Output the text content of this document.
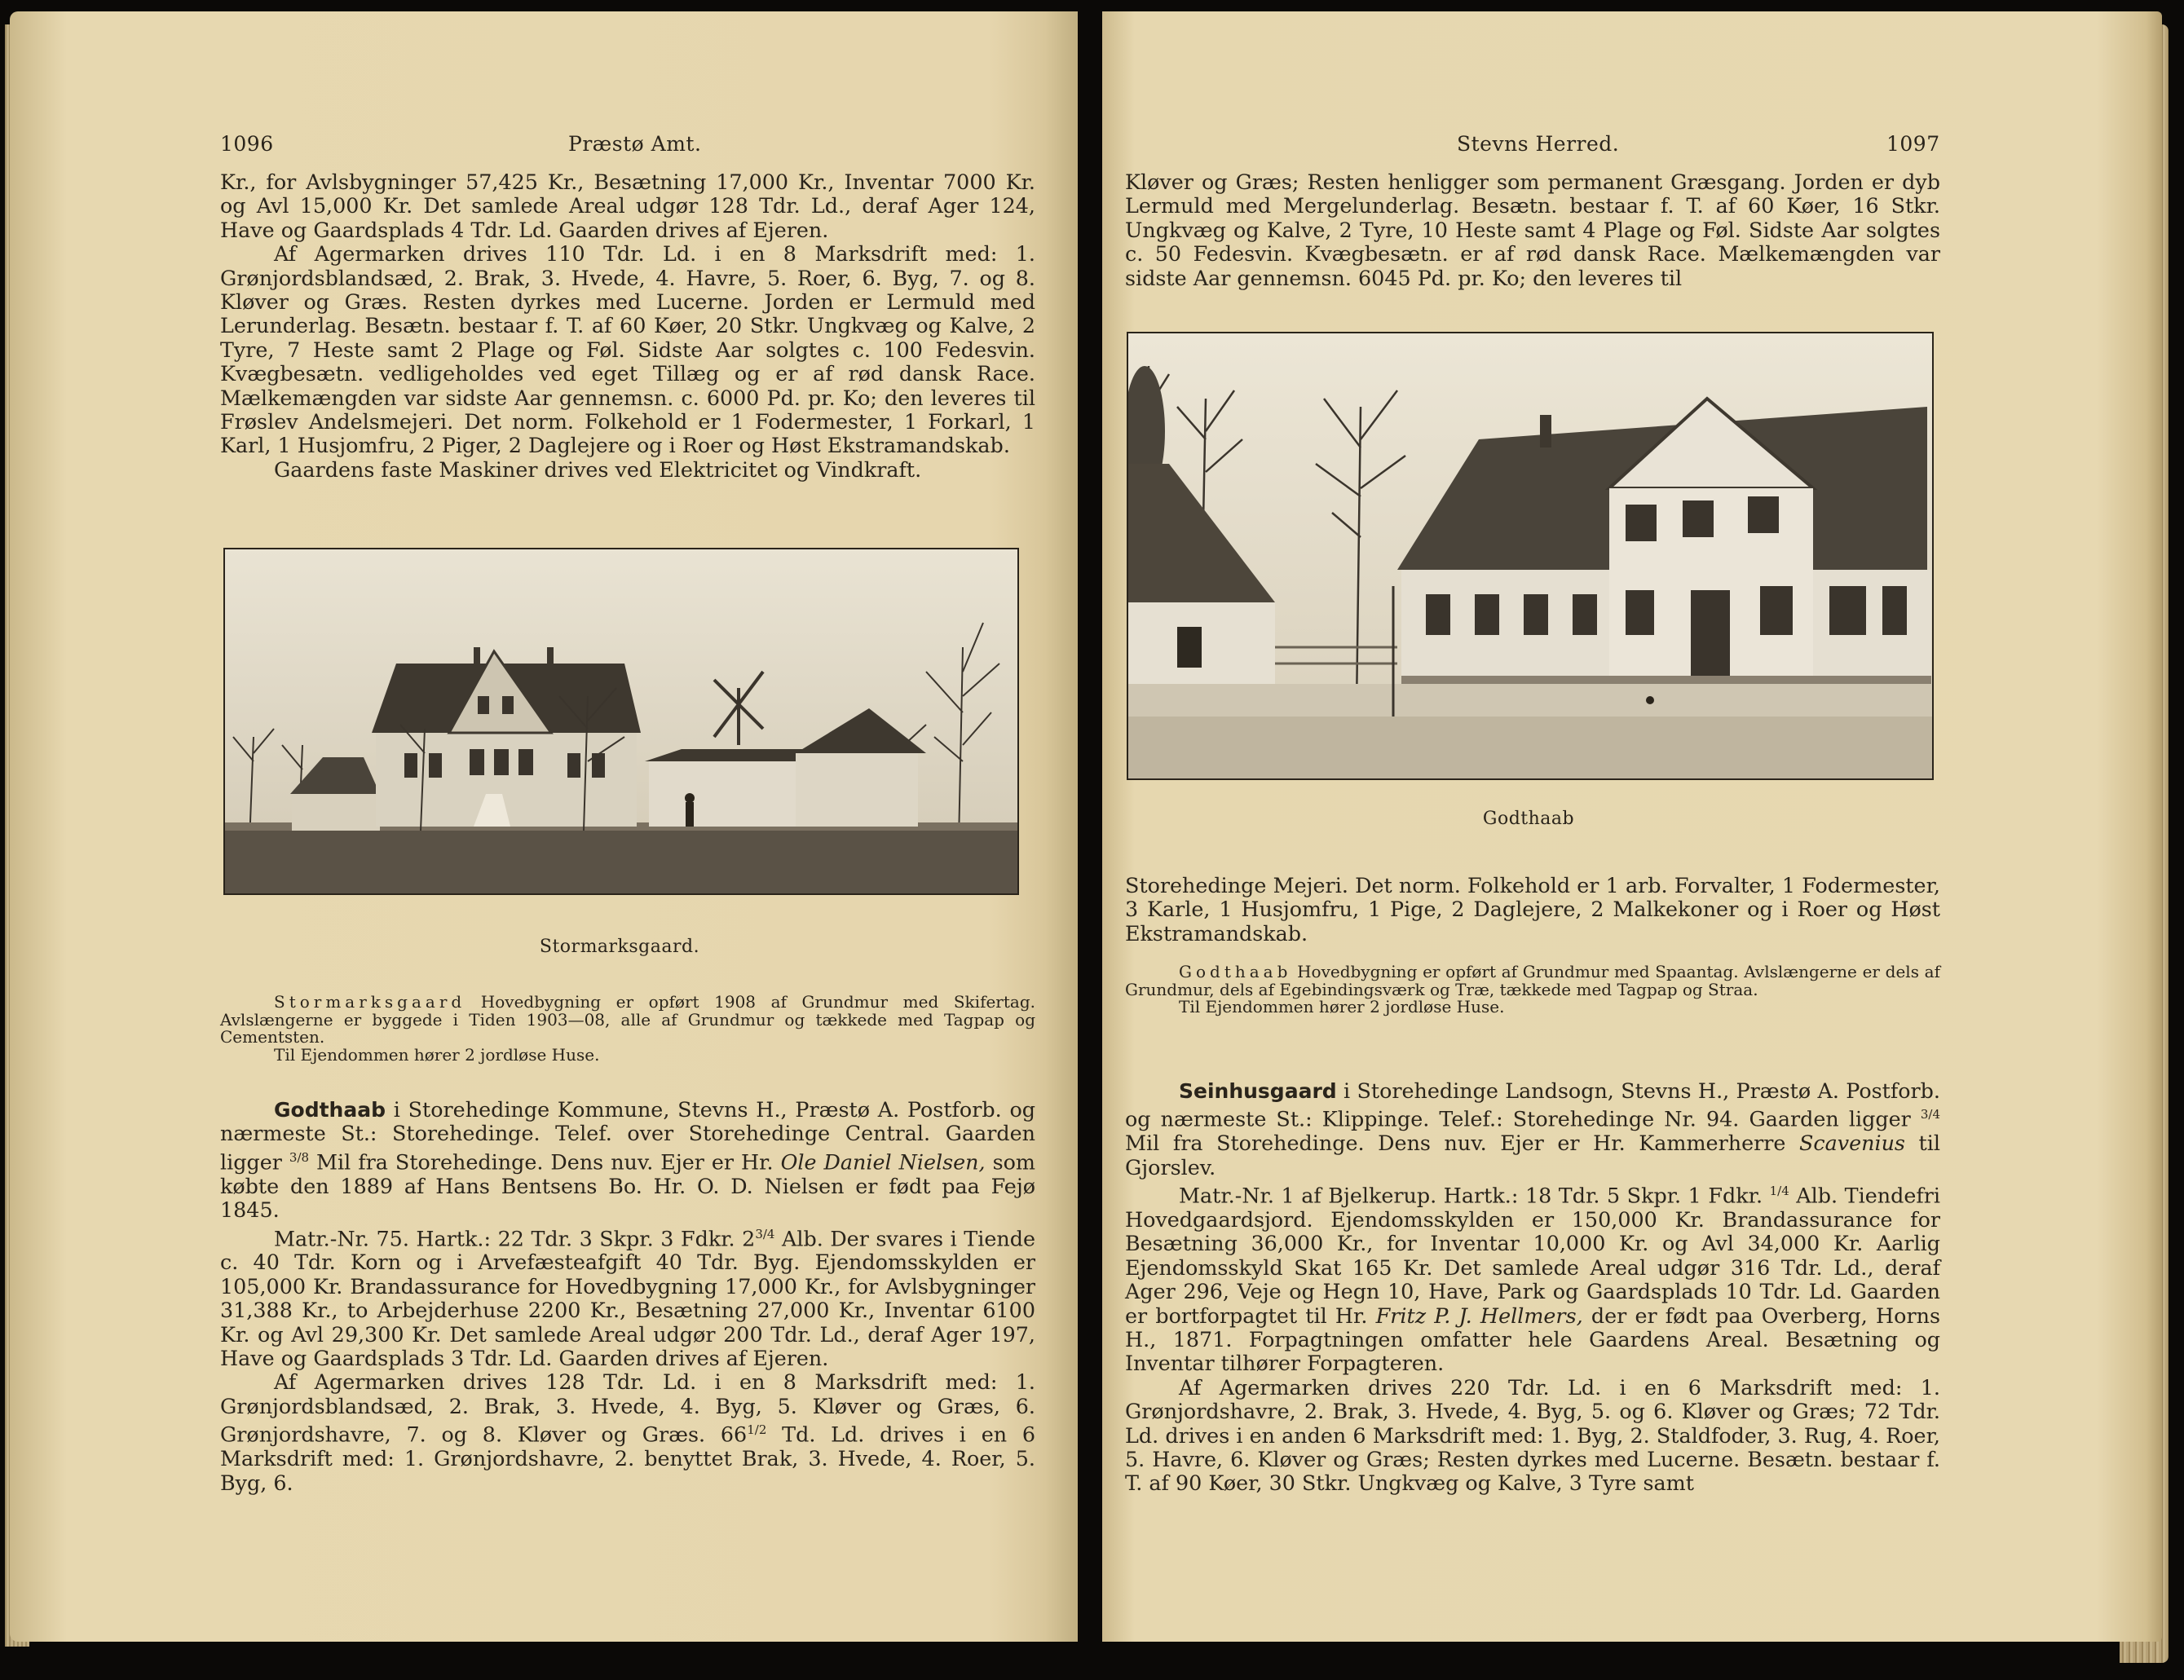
1096	Præstø Amt.

Kr., for Avlsbygninger 57,425 Kr., Besætning 17,000 Kr., Inventar 7000 Kr. og Avl 15,000 Kr. Det samlede Areal udgør 128 Tdr. Ld., deraf Ager 124, Have og Gaardsplads 4 Tdr. Ld. Gaarden drives af Ejeren.

Af Agermarken drives 110 Tdr. Ld. i en 8 Marksdrift med: 1. Grønjordsblandsæd, 2. Brak, 3. Hvede, 4. Havre, 5. Roer, 6. Byg, 7. og 8. Kløver og Græs. Resten dyrkes med Lucerne. Jorden er Lermuld med Lerunderlag. Besætn. bestaar f. T. af 60 Køer, 20 Stkr. Ungkvæg og Kalve, 2 Tyre, 7 Heste samt 2 Plage og Føl. Sidste Aar solgtes c. 100 Fedesvin. Kvægbesætn. vedligeholdes ved eget Tillæg og er af rød dansk Race. Mælkemængden var sidste Aar gennemsn. c. 6000 Pd. pr. Ko; den leveres til Frøslev Andelsmejeri. Det norm. Folkehold er 1 Fodermester, 1 Forkarl, 1 Karl, 1 Husjomfru, 2 Piger, 2 Daglejere og i Roer og Høst Ekstramandskab.

Gaardens faste Maskiner drives ved Elektricitet og Vindkraft.

Stormarksgaard.

Stormarksgaard Hovedbygning er opført 1908 af Grundmur med Skifertag. Avlslængerne er byggede i Tiden 1903—08, alle af Grundmur og tækkede med Tagpap og Cementsten.

Til Ejendommen hører 2 jordløse Huse.

Godthaab i Storehedinge Kommune, Stevns H., Præstø A. Postforb. og nærmeste St.: Storehedinge. Telef. over Storehedinge Central. Gaarden ligger $^{3/8}$ Mil fra Storehedinge. Dens nuv. Ejer er Hr. Ole Daniel Nielsen, som købte den 1889 af Hans Bentsens Bo. Hr. O. D. Nielsen er født paa Fejø 1845.

Matr.-Nr. 75. Hartk.: 22 Tdr. 3 Skpr. 3 Fdkr. $2^{3/4}$ Alb. Der svares i Tiende c. 40 Tdr. Korn og i Arvefæsteafgift 40 Tdr. Byg. Ejendomsskylden er 105,000 Kr. Brandassurance for Hovedbygning 17,000 Kr., for Avlsbygninger 31,388 Kr., to Arbejderhuse 2200 Kr., Besætning 27,000 Kr., Inventar 6100 Kr. og Avl 29,300 Kr. Det samlede Areal udgør 200 Tdr. Ld., deraf Ager 197, Have og Gaardsplads 3 Tdr. Ld. Gaarden drives af Ejeren.

Af Agermarken drives 128 Tdr. Ld. i en 8 Marksdrift med: 1. Grønjordsblandsæd, 2. Brak, 3. Hvede, 4. Byg, 5. Kløver og Græs, 6. Grønjordshavre, 7. og 8. Kløver og Græs. $66^{1/2}$ Td. Ld. drives i en 6 Marksdrift med: 1. Grønjordshavre, 2. benyttet Brak, 3. Hvede, 4. Roer, 5. Byg, 6.

Stevns Herred.	1097

Kløver og Græs; Resten henligger som permanent Græsgang. Jorden er dyb Lermuld med Mergelunderlag. Besætn. bestaar f. T. af 60 Køer, 16 Stkr. Ungkvæg og Kalve, 2 Tyre, 10 Heste samt 4 Plage og Føl. Sidste Aar solgtes c. 50 Fedesvin. Kvægbesætn. er af rød dansk Race. Mælkemængden var sidste Aar gennemsn. 6045 Pd. pr. Ko; den leveres til

Godthaab

Storehedinge Mejeri. Det norm. Folkehold er 1 arb. Forvalter, 1 Fodermester, 3 Karle, 1 Husjomfru, 1 Pige, 2 Daglejere, 2 Malkekoner og i Roer og Høst Ekstramandskab.

Godthaab Hovedbygning er opført af Grundmur med Spaantag. Avlslængerne er dels af Grundmur, dels af Egebindingsværk og Træ, tækkede med Tagpap og Straa.

Til Ejendommen hører 2 jordløse Huse.

Seinhusgaard i Storehedinge Landsogn, Stevns H., Præstø A. Postforb. og nærmeste St.: Klippinge. Telef.: Storehedinge Nr. 94. Gaarden ligger $^{3/4}$ Mil fra Storehedinge. Dens nuv. Ejer er Hr. Kammerherre Scavenius til Gjorslev.

Matr.-Nr. 1 af Bjelkerup. Hartk.: 18 Tdr. 5 Skpr. 1 Fdkr. $^{1/4}$ Alb. Tiendefri Hovedgaardsjord. Ejendomsskylden er 150,000 Kr. Brandassurance for Besætning 36,000 Kr., for Inventar 10,000 Kr. og Avl 34,000 Kr. Aarlig Ejendomsskyld Skat 165 Kr. Det samlede Areal udgør 316 Tdr. Ld., deraf Ager 296, Veje og Hegn 10, Have, Park og Gaardsplads 10 Tdr. Ld. Gaarden er bortforpagtet til Hr. Fritz P. J. Hellmers, der er født paa Overberg, Horns H., 1871. Forpagtningen omfatter hele Gaardens Areal. Besætning og Inventar tilhører Forpagteren.

Af Agermarken drives 220 Tdr. Ld. i en 6 Marksdrift med: 1. Grønjordshavre, 2. Brak, 3. Hvede, 4. Byg, 5. og 6. Kløver og Græs; 72 Tdr. Ld. drives i en anden 6 Marksdrift med: 1. Byg, 2. Staldfoder, 3. Rug, 4. Roer, 5. Havre, 6. Kløver og Græs; Resten dyrkes med Lucerne. Besætn. bestaar f. T. af 90 Køer, 30 Stkr. Ungkvæg og Kalve, 3 Tyre samt
